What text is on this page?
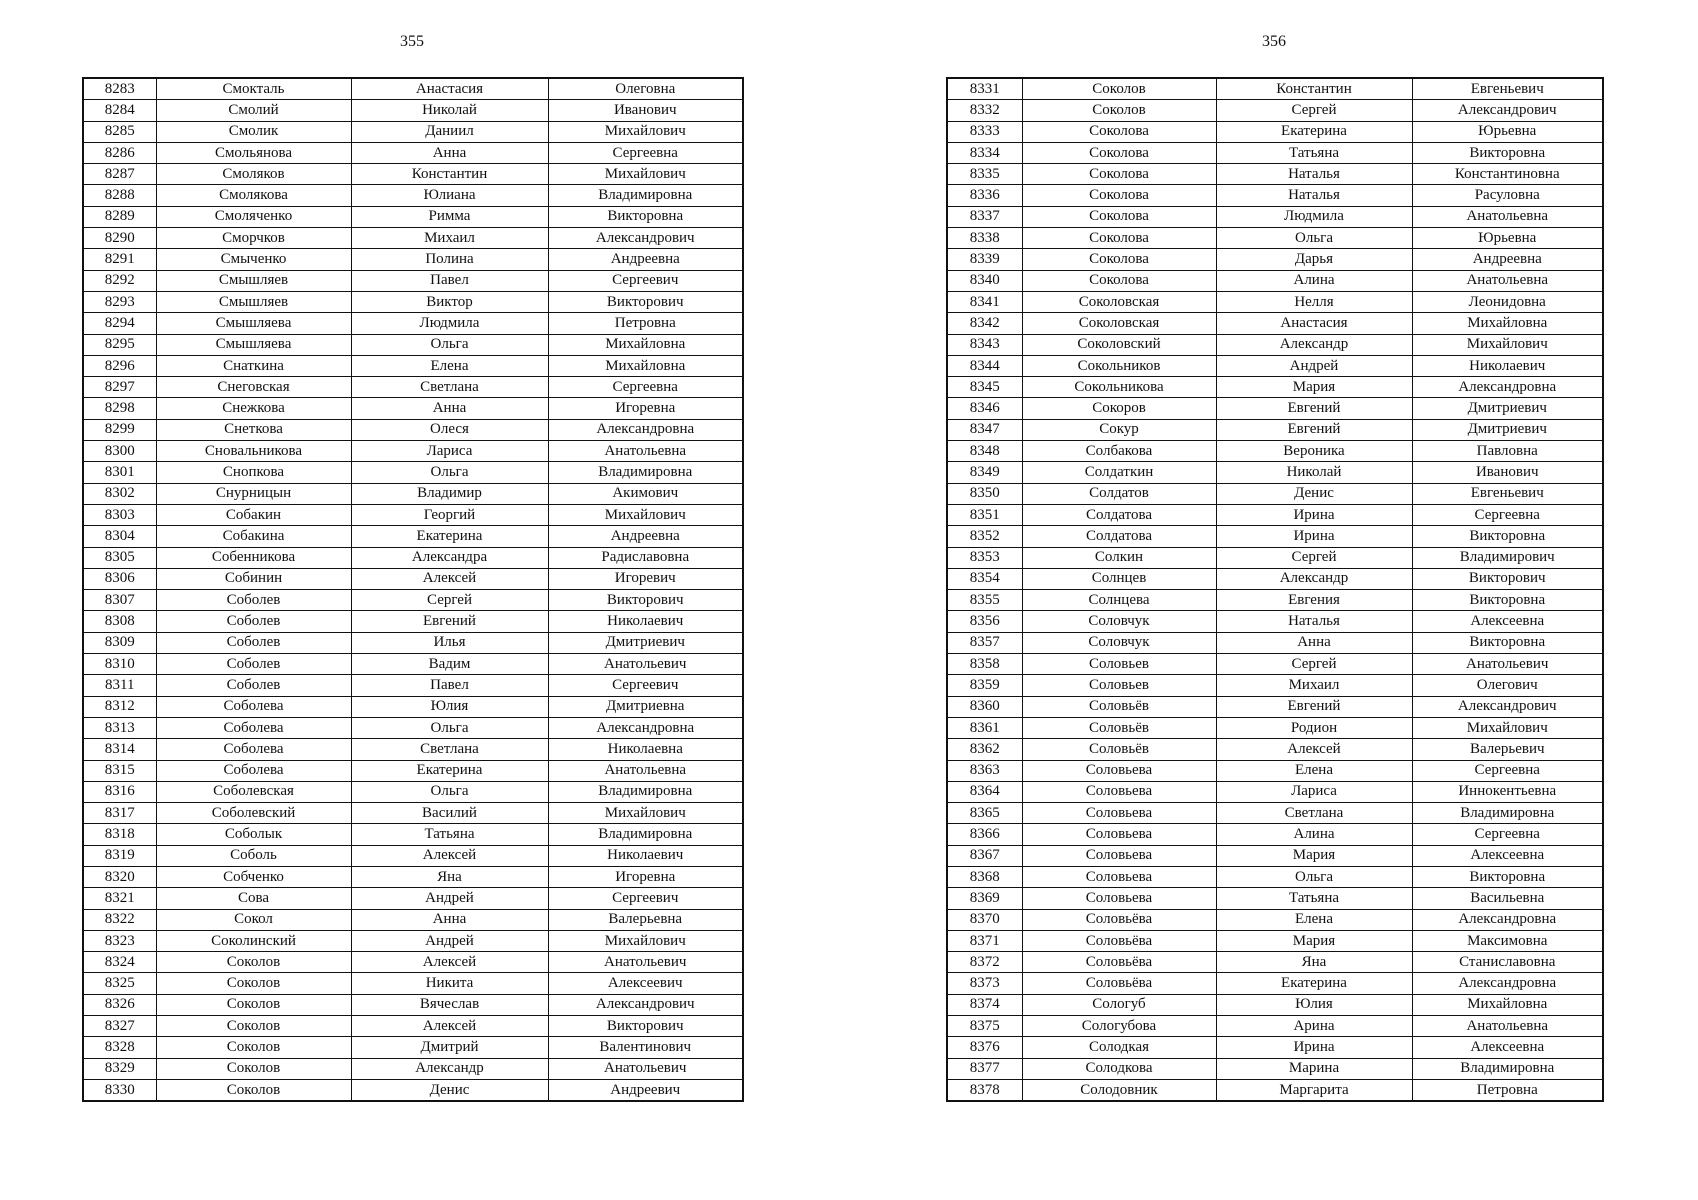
355
8283	Смокталь	Анастасия	Олеговна
8284	Смолий	Николай	Иванович
8285	Смолик	Даниил	Михайлович
8286	Смольянова	Анна	Сергеевна
8287	Смоляков	Константин	Михайлович
8288	Смолякова	Юлиана	Владимировна
8289	Смоляченко	Римма	Викторовна
8290	Сморчков	Михаил	Александрович
8291	Смыченко	Полина	Андреевна
8292	Смышляев	Павел	Сергеевич
8293	Смышляев	Виктор	Викторович
8294	Смышляева	Людмила	Петровна
8295	Смышляева	Ольга	Михайловна
8296	Снаткина	Елена	Михайловна
8297	Снеговская	Светлана	Сергеевна
8298	Снежкова	Анна	Игоревна
8299	Снеткова	Олеся	Александровна
8300	Сновальникова	Лариса	Анатольевна
8301	Снопкова	Ольга	Владимировна
8302	Снурницын	Владимир	Акимович
8303	Собакин	Георгий	Михайлович
8304	Собакина	Екатерина	Андреевна
8305	Собенникова	Александра	Радиславовна
8306	Собинин	Алексей	Игоревич
8307	Соболев	Сергей	Викторович
8308	Соболев	Евгений	Николаевич
8309	Соболев	Илья	Дмитриевич
8310	Соболев	Вадим	Анатольевич
8311	Соболев	Павел	Сергеевич
8312	Соболева	Юлия	Дмитриевна
8313	Соболева	Ольга	Александровна
8314	Соболева	Светлана	Николаевна
8315	Соболева	Екатерина	Анатольевна
8316	Соболевская	Ольга	Владимировна
8317	Соболевский	Василий	Михайлович
8318	Соболык	Татьяна	Владимировна
8319	Соболь	Алексей	Николаевич
8320	Собченко	Яна	Игоревна
8321	Сова	Андрей	Сергеевич
8322	Сокол	Анна	Валерьевна
8323	Соколинский	Андрей	Михайлович
8324	Соколов	Алексей	Анатольевич
8325	Соколов	Никита	Алексеевич
8326	Соколов	Вячеслав	Александрович
8327	Соколов	Алексей	Викторович
8328	Соколов	Дмитрий	Валентинович
8329	Соколов	Александр	Анатольевич
8330	Соколов	Денис	Андреевич
356
8331	Соколов	Константин	Евгеньевич
8332	Соколов	Сергей	Александрович
8333	Соколова	Екатерина	Юрьевна
8334	Соколова	Татьяна	Викторовна
8335	Соколова	Наталья	Константиновна
8336	Соколова	Наталья	Расуловна
8337	Соколова	Людмила	Анатольевна
8338	Соколова	Ольга	Юрьевна
8339	Соколова	Дарья	Андреевна
8340	Соколова	Алина	Анатольевна
8341	Соколовская	Нелля	Леонидовна
8342	Соколовская	Анастасия	Михайловна
8343	Соколовский	Александр	Михайлович
8344	Сокольников	Андрей	Николаевич
8345	Сокольникова	Мария	Александровна
8346	Сокоров	Евгений	Дмитриевич
8347	Сокур	Евгений	Дмитриевич
8348	Солбакова	Вероника	Павловна
8349	Солдаткин	Николай	Иванович
8350	Солдатов	Денис	Евгеньевич
8351	Солдатова	Ирина	Сергеевна
8352	Солдатова	Ирина	Викторовна
8353	Солкин	Сергей	Владимирович
8354	Солнцев	Александр	Викторович
8355	Солнцева	Евгения	Викторовна
8356	Соловчук	Наталья	Алексеевна
8357	Соловчук	Анна	Викторовна
8358	Соловьев	Сергей	Анатольевич
8359	Соловьев	Михаил	Олегович
8360	Соловьёв	Евгений	Александрович
8361	Соловьёв	Родион	Михайлович
8362	Соловьёв	Алексей	Валерьевич
8363	Соловьева	Елена	Сергеевна
8364	Соловьева	Лариса	Иннокентьевна
8365	Соловьева	Светлана	Владимировна
8366	Соловьева	Алина	Сергеевна
8367	Соловьева	Мария	Алексеевна
8368	Соловьева	Ольга	Викторовна
8369	Соловьева	Татьяна	Васильевна
8370	Соловьёва	Елена	Александровна
8371	Соловьёва	Мария	Максимовна
8372	Соловьёва	Яна	Станиславовна
8373	Соловьёва	Екатерина	Александровна
8374	Сологуб	Юлия	Михайловна
8375	Сологубова	Арина	Анатольевна
8376	Солодкая	Ирина	Алексеевна
8377	Солодкова	Марина	Владимировна
8378	Солодовник	Маргарита	Петровна
